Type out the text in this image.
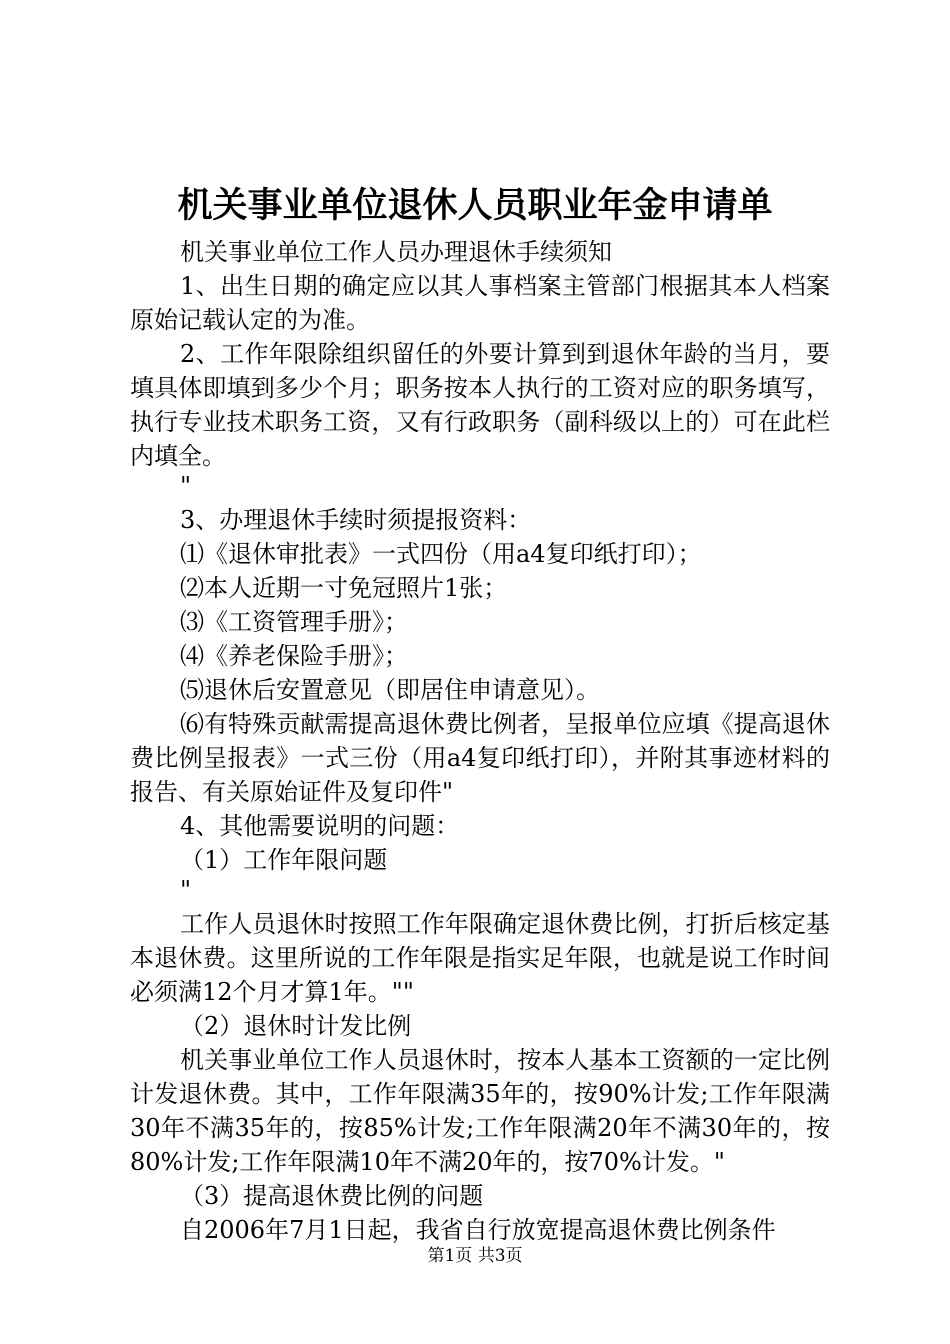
机关事业单位退休人员职业年金申请单

机关事业单位工作人员办理退休手续须知

1、出生日期的确定应以其人事档案主管部门根据其本人档案原始记载认定的为准。

2、工作年限除组织留任的外要计算到到退休年龄的当月，要填具体即填到多少个月；职务按本人执行的工资对应的职务填写，执行专业技术职务工资，又有行政职务（副科级以上的）可在此栏内填全。

"

3、办理退休手续时须提报资料：

⑴《退休审批表》一式四份（用a4复印纸打印）；

⑵本人近期一寸免冠照片1张；

⑶《工资管理手册》；

⑷《养老保险手册》；

⑸退休后安置意见（即居住申请意见）。

⑹有特殊贡献需提高退休费比例者，呈报单位应填《提高退休费比例呈报表》一式三份（用a4复印纸打印），并附其事迹材料的报告、有关原始证件及复印件"

4、其他需要说明的问题：

（1）工作年限问题

"

工作人员退休时按照工作年限确定退休费比例，打折后核定基本退休费。这里所说的工作年限是指实足年限，也就是说工作时间必须满12个月才算1年。""

（2）退休时计发比例

机关事业单位工作人员退休时，按本人基本工资额的一定比例计发退休费。其中，工作年限满35年的，按90%计发;工作年限满30年不满35年的，按85%计发;工作年限满20年不满30年的，按80%计发;工作年限满10年不满20年的，按70%计发。"

（3）提高退休费比例的问题

自2006年7月1日起，我省自行放宽提高退休费比例条件

第1页 共3页
